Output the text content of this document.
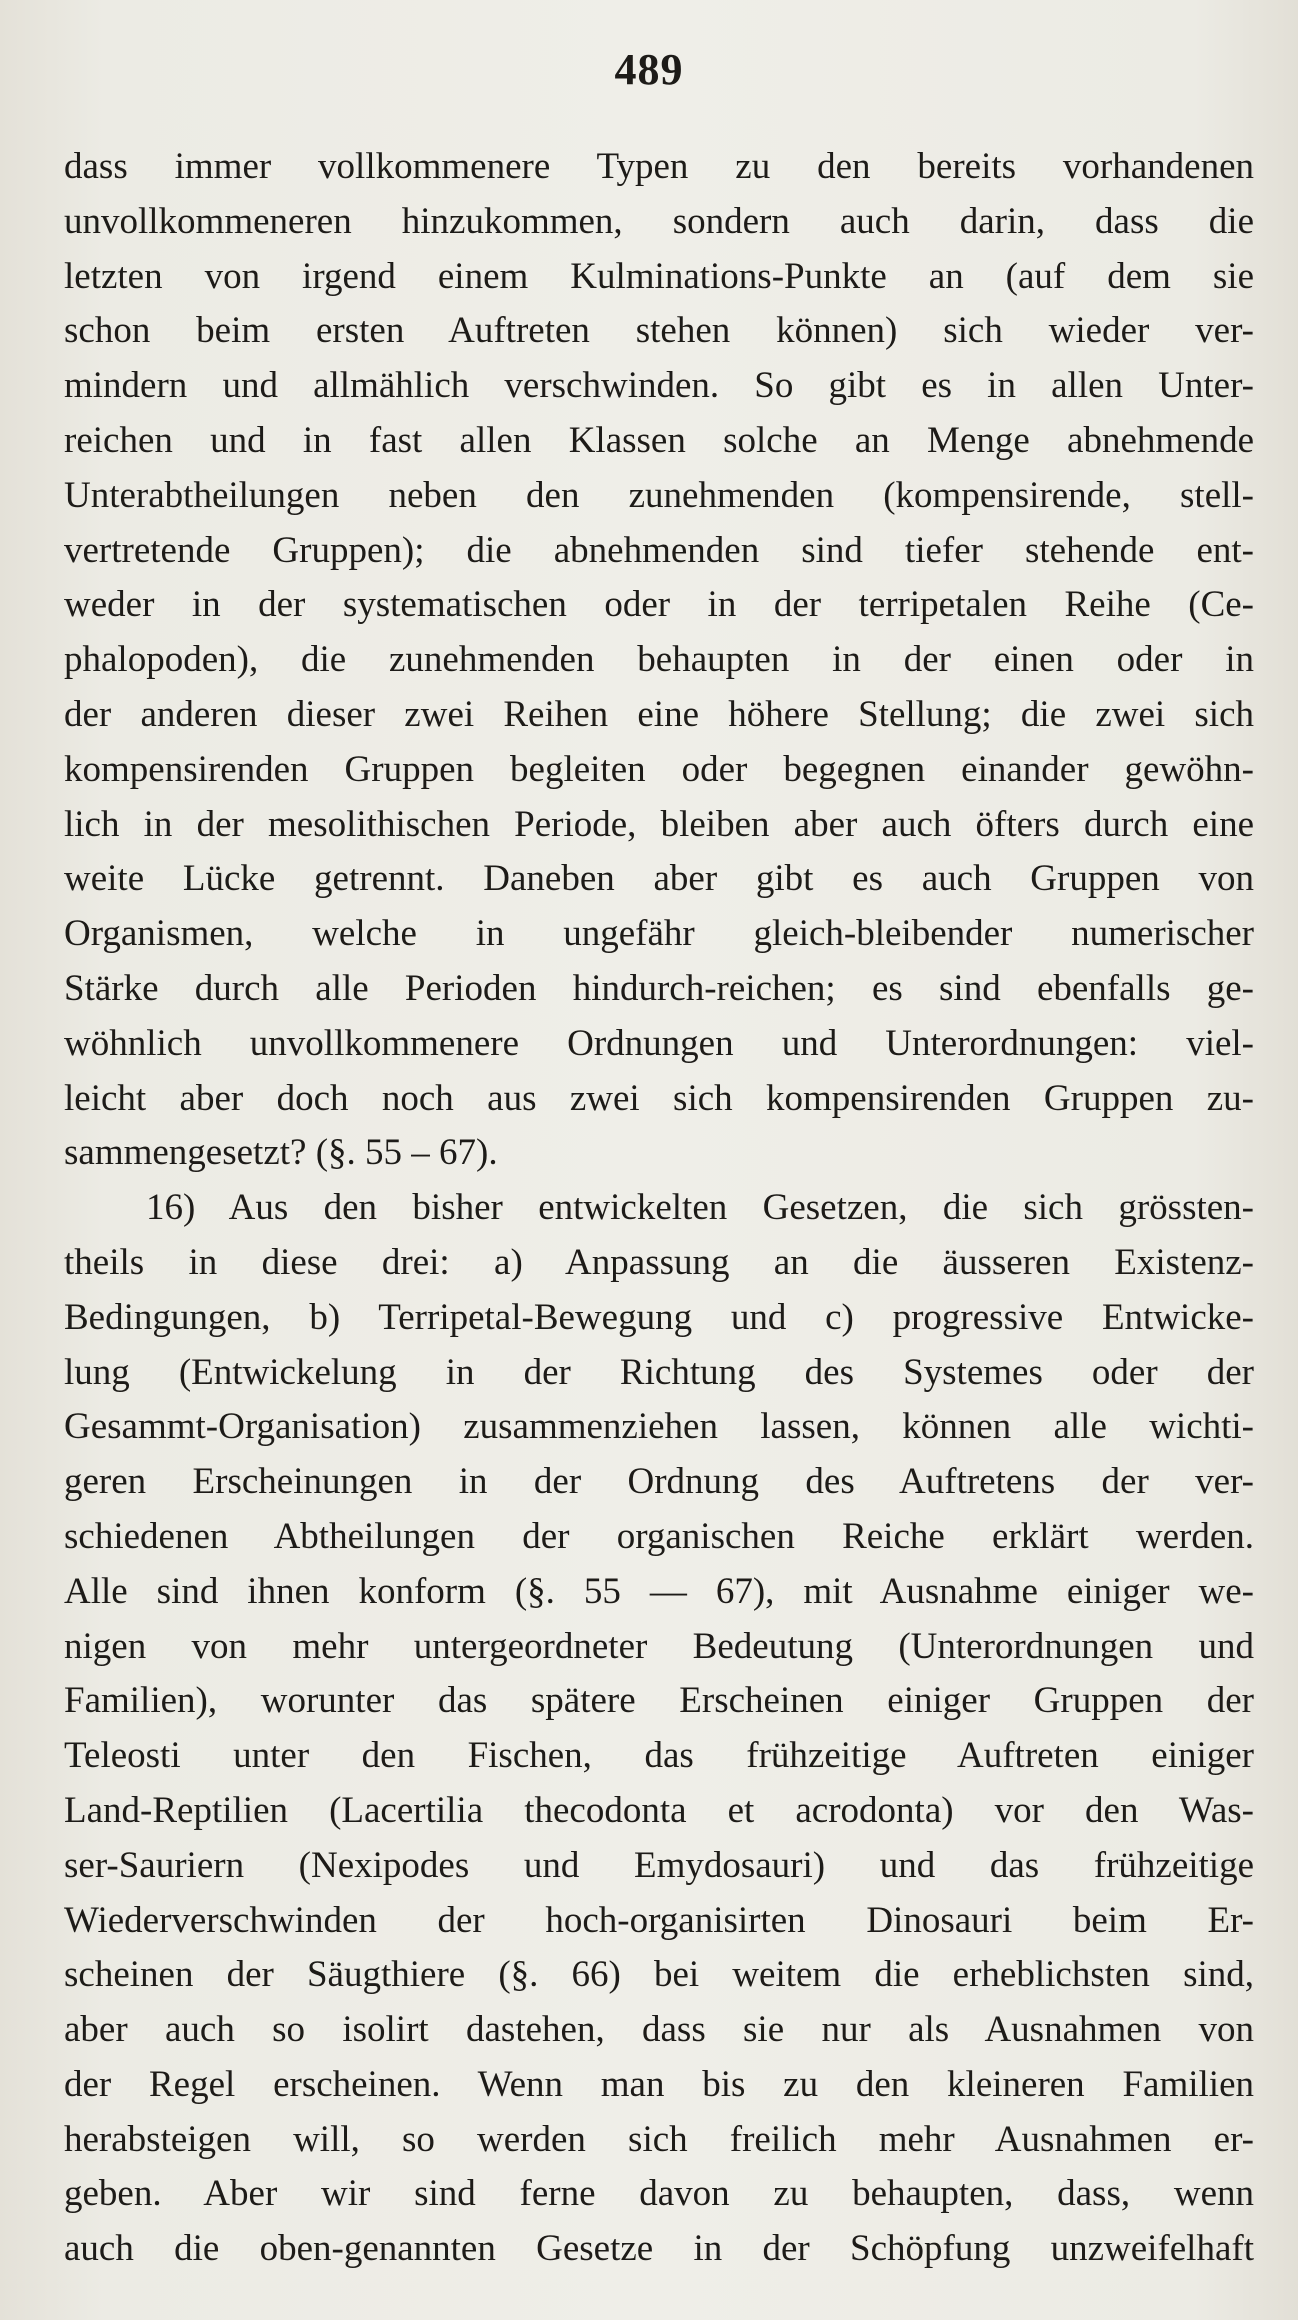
489
dass immer vollkommenere Typen zu den bereits vorhandenen
unvollkommeneren hinzukommen, sondern auch darin, dass die
letzten von irgend einem Kulminations-Punkte an (auf dem sie
schon beim ersten Auftreten stehen können) sich wieder ver-
mindern und allmählich verschwinden. So gibt es in allen Unter-
reichen und in fast allen Klassen solche an Menge abnehmende
Unterabtheilungen neben den zunehmenden (kompensirende, stell-
vertretende Gruppen); die abnehmenden sind tiefer stehende ent-
weder in der systematischen oder in der terripetalen Reihe (Ce-
phalopoden), die zunehmenden behaupten in der einen oder in
der anderen dieser zwei Reihen eine höhere Stellung; die zwei sich
kompensirenden Gruppen begleiten oder begegnen einander gewöhn-
lich in der mesolithischen Periode, bleiben aber auch öfters durch eine
weite Lücke getrennt. Daneben aber gibt es auch Gruppen von
Organismen, welche in ungefähr gleich-bleibender numerischer
Stärke durch alle Perioden hindurch-reichen; es sind ebenfalls ge-
wöhnlich unvollkommenere Ordnungen und Unterordnungen: viel-
leicht aber doch noch aus zwei sich kompensirenden Gruppen zu-
sammengesetzt? (§. 55 – 67).
16) Aus den bisher entwickelten Gesetzen, die sich grössten-
theils in diese drei: a) Anpassung an die äusseren Existenz-
Bedingungen, b) Terripetal-Bewegung und c) progressive Entwicke-
lung (Entwickelung in der Richtung des Systemes oder der
Gesammt-Organisation) zusammenziehen lassen, können alle wichti-
geren Erscheinungen in der Ordnung des Auftretens der ver-
schiedenen Abtheilungen der organischen Reiche erklärt werden.
Alle sind ihnen konform (§. 55 — 67), mit Ausnahme einiger we-
nigen von mehr untergeordneter Bedeutung (Unterordnungen und
Familien), worunter das spätere Erscheinen einiger Gruppen der
Teleosti unter den Fischen, das frühzeitige Auftreten einiger
Land-Reptilien (Lacertilia thecodonta et acrodonta) vor den Was-
ser-Sauriern (Nexipodes und Emydosauri) und das frühzeitige
Wiederverschwinden der hoch-organisirten Dinosauri beim Er-
scheinen der Säugthiere (§. 66) bei weitem die erheblichsten sind,
aber auch so isolirt dastehen, dass sie nur als Ausnahmen von
der Regel erscheinen. Wenn man bis zu den kleineren Familien
herabsteigen will, so werden sich freilich mehr Ausnahmen er-
geben. Aber wir sind ferne davon zu behaupten, dass, wenn
auch die oben-genannten Gesetze in der Schöpfung unzweifelhaft
